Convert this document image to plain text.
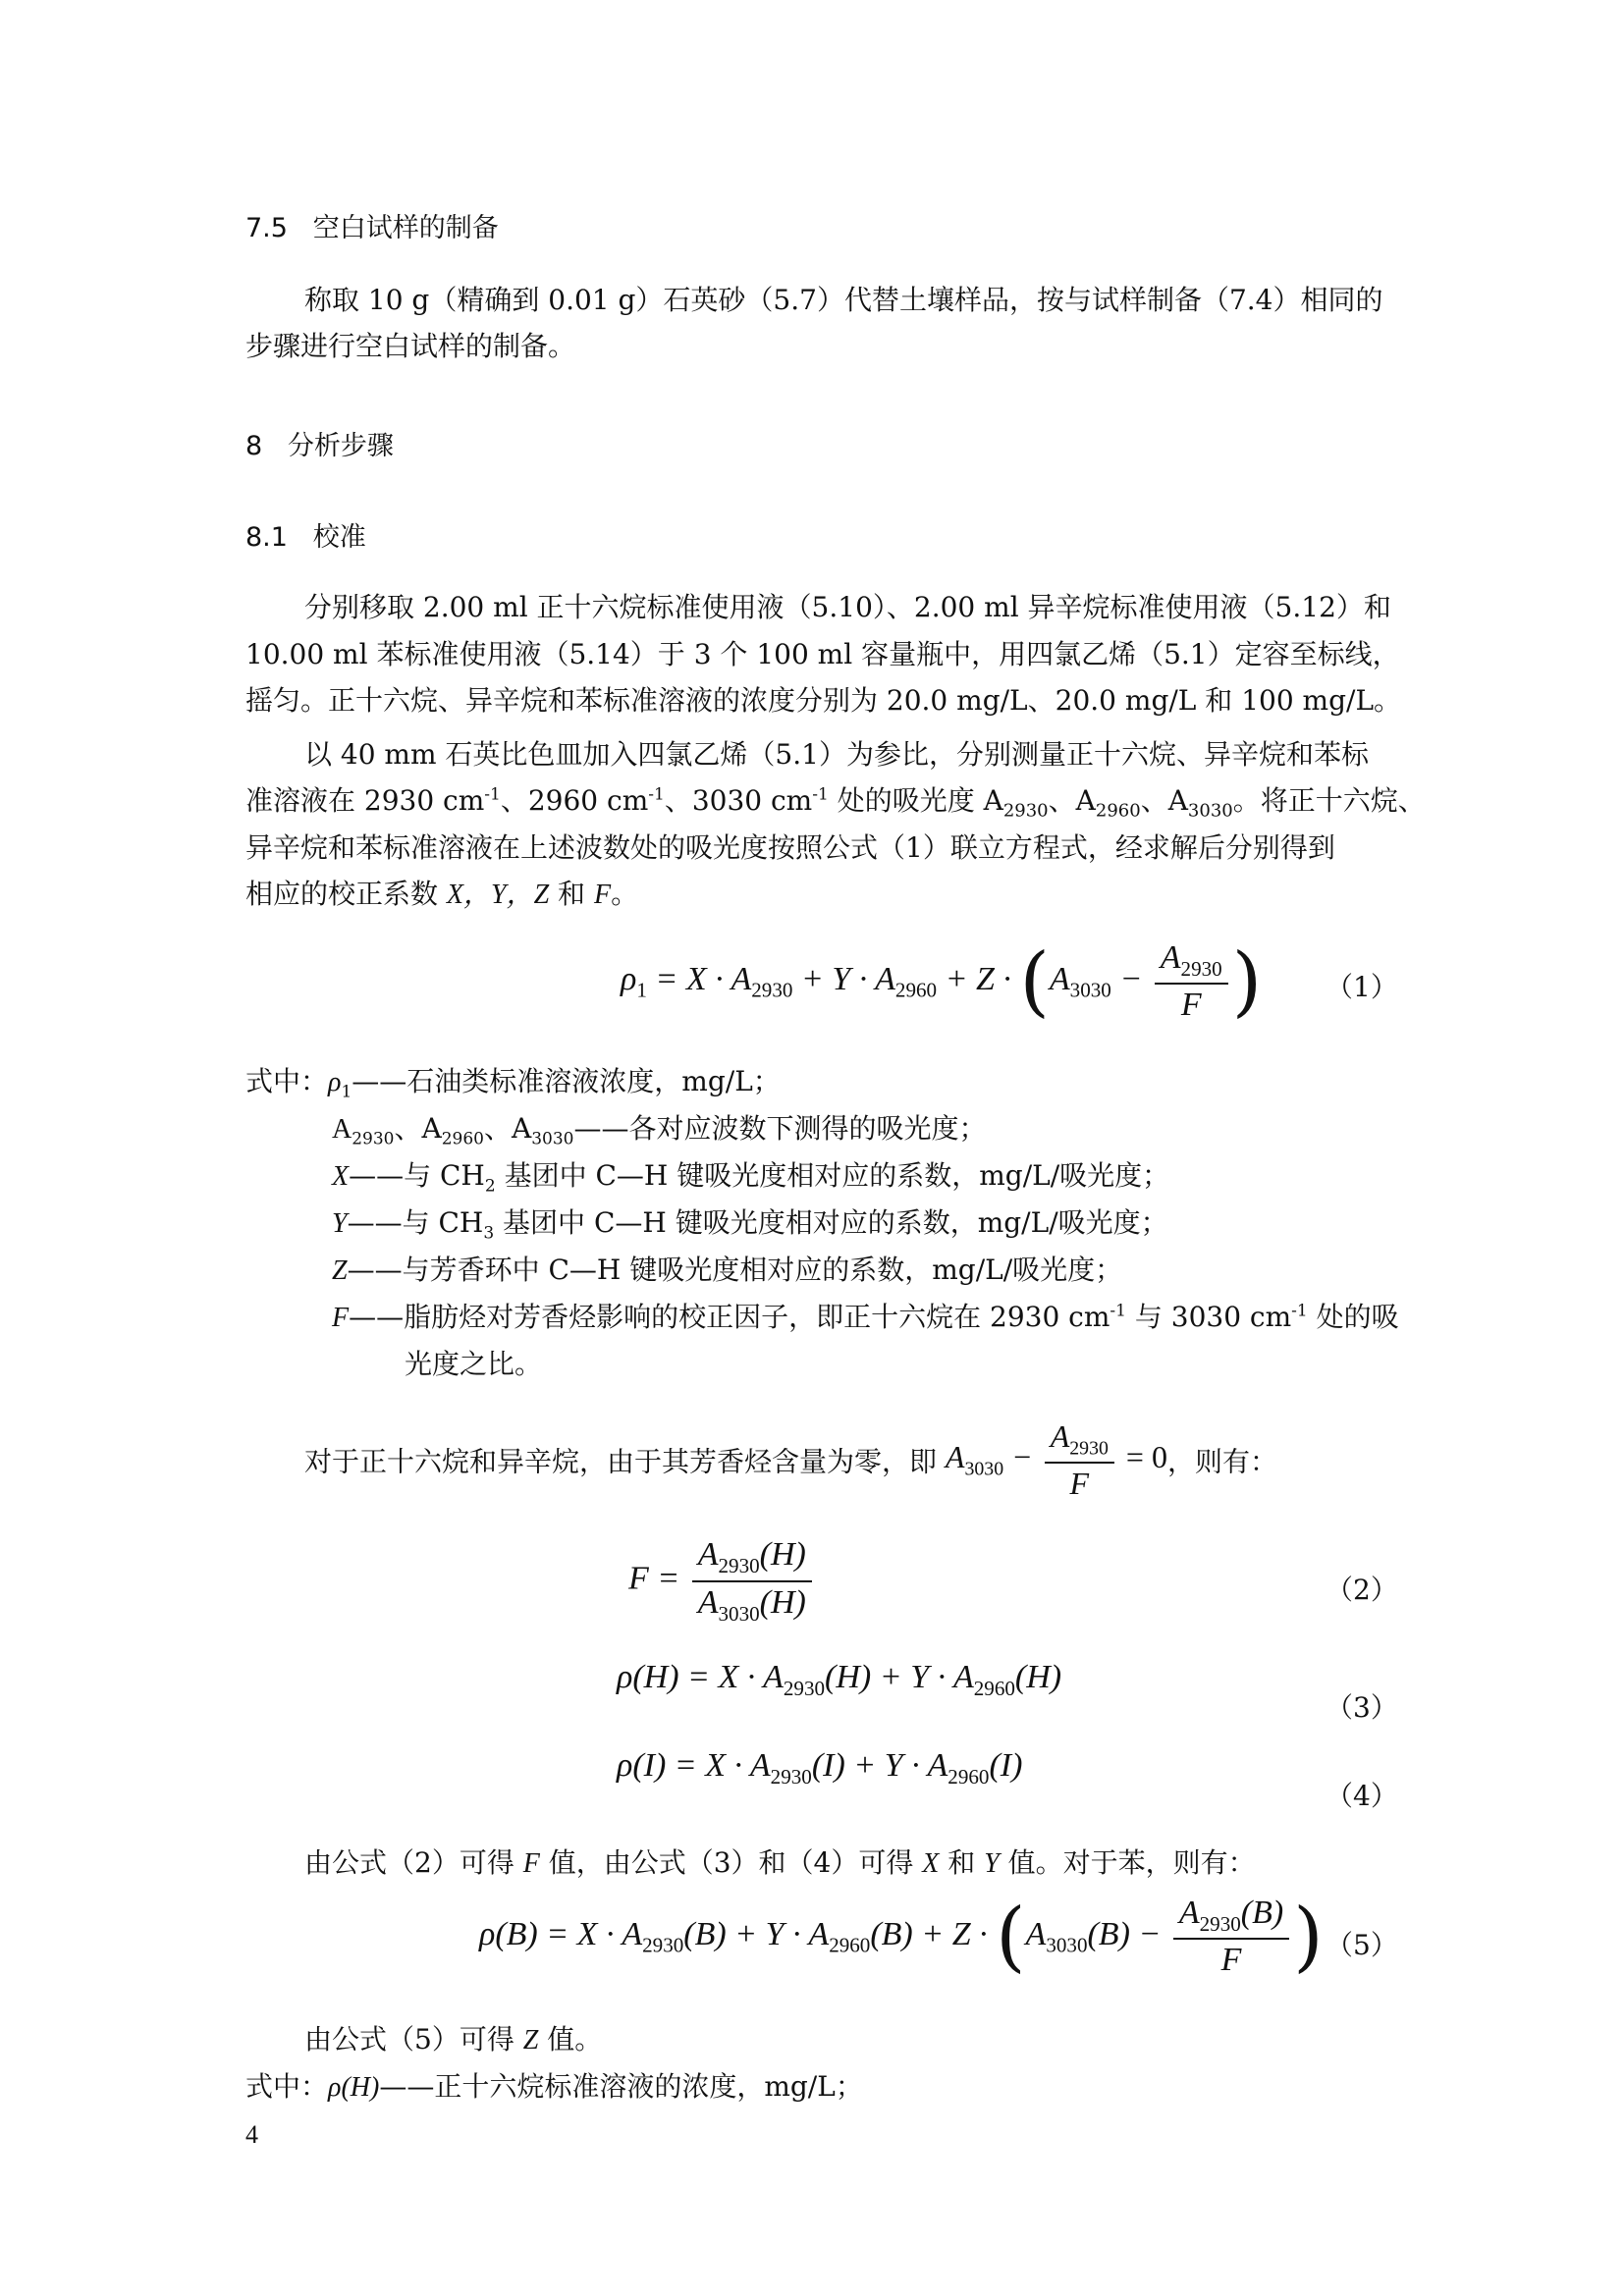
7.5 空白试样的制备
称取 10 g（精确到 0.01 g）石英砂（5.7）代替土壤样品，按与试样制备（7.4）相同的
步骤进行空白试样的制备。
8 分析步骤
8.1 校准
分别移取 2.00 ml 正十六烷标准使用液（5.10）、2.00 ml 异辛烷标准使用液（5.12）和
10.00 ml 苯标准使用液（5.14）于 3 个 100 ml 容量瓶中，用四氯乙烯（5.1）定容至标线，
摇匀。正十六烷、异辛烷和苯标准溶液的浓度分别为 20.0 mg/L、20.0 mg/L 和 100 mg/L。
以 40 mm 石英比色皿加入四氯乙烯（5.1）为参比，分别测量正十六烷、异辛烷和苯标
准溶液在 2930 $cm^{-1}$、2960 $cm^{-1}$、3030 $cm^{-1}$ 处的吸光度 $A_{2930}$、$A_{2960}$、$A_{3030}$。将正十六烷、
异辛烷和苯标准溶液在上述波数处的吸光度按照公式（1）联立方程式，经求解后分别得到
相应的校正系数 X，Y，Z 和 F。
$\rho_1 = X \cdot A_{2930} + Y \cdot A_{2960} + Z \cdot (A_{3030} - \frac{A_{2930}}{F}$ ) （1）
式中：$\rho_1——$石油类标准溶液浓度，mg/L；
$A_{2930}$、$A_{2960}$、$A_{3030}——$各对应波数下测得的吸光度；
X——与 $CH_2$ 基团中 C—H 键吸光度相对应的系数，mg/L/吸光度；
Y——与 $CH_3$ 基团中 C—H 键吸光度相对应的系数，mg/L/吸光度；
Z——与芳香环中 C—H 键吸光度相对应的系数，mg/L/吸光度；
F——脂肪烃对芳香烃影响的校正因子，即正十六烷在 2930 $cm^{-1}$ 与 3030 $cm^{-1}$ 处的吸
光度之比。
对于正十六烷和异辛烷，由于其芳香烃含量为零，即 $A_{3030} - \frac{A_{2930}}{F} = 0$，则有：
$F = \frac{A_{2930}(H)}{A_{3030}(H)}$	（2）
$\rho(H) = X \cdot A_{2930}(H) + Y \cdot A_{2960}(H)$
（3）
$\rho(I) = X \cdot A_{2930}(I) + Y \cdot A_{2960}(I)$
（4）
由公式（2）可得 F 值，由公式（3）和（4）可得 X 和 Y 值。对于苯，则有：
$\rho(B) = X \cdot A_{2930}(B) + Y \cdot A_{2960}(B) + Z \cdot (A_{3030}(B) - \frac{A_{2930}(B)}{F}$ ) （5）
由公式（5）可得 Z 值。
式中：ρ(H)——正十六烷标准溶液的浓度，mg/L；
4
